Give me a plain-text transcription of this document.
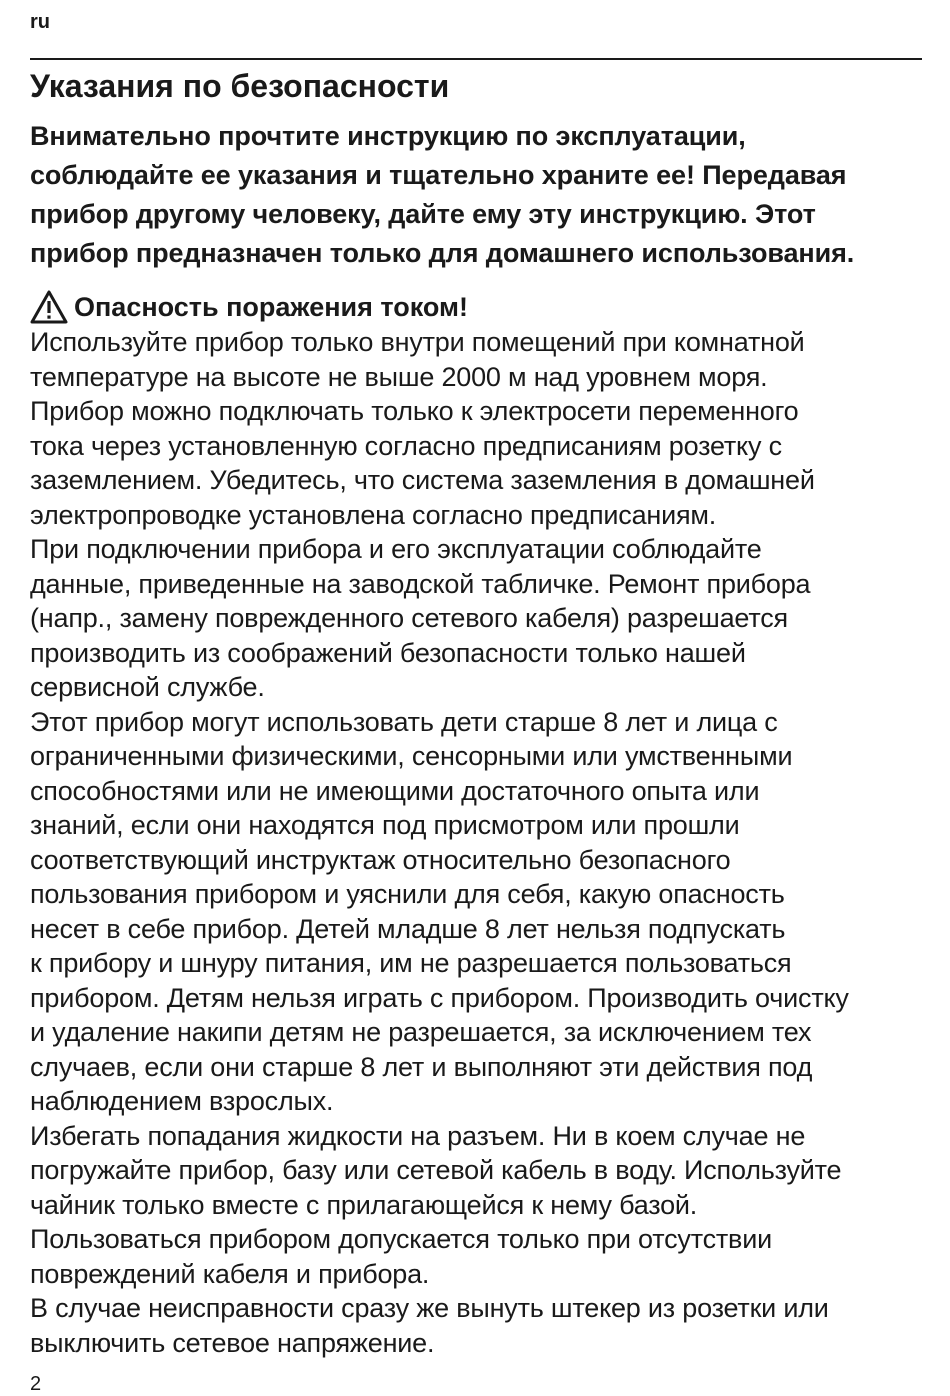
ru
Указания по безопасности

Внимательно прочтите инструкцию по эксплуатации,
соблюдайте ее указания и тщательно храните ее! Передавая
прибор другому человеку, дайте ему эту инструкцию. Этот
прибор предназначен только для домашнего использования.

Опасность поражения током!

Используйте прибор только внутри помещений при комнатной
температуре на высоте не выше 2000 м над уровнем моря.
Прибор можно подключать только к электросети переменного
тока через установленную согласно предписаниям розетку с
заземлением. Убедитесь, что система заземления в домашней
электропроводке установлена согласно предписаниям.
При подключении прибора и его эксплуатации соблюдайте
данные, приведенные на заводской табличке. Ремонт прибора
(напр., замену поврежденного сетевого кабеля) разрешается
производить из соображений безопасности только нашей
сервисной службе.
Этот прибор могут использовать дети старше 8 лет и лица с
ограниченными физическими, сенсорными или умственными
способностями или не имеющими достаточного опыта или
знаний, если они находятся под присмотром или прошли
соответствующий инструктаж относительно безопасного
пользования прибором и уяснили для себя, какую опасность
несет в себе прибор. Детей младше 8 лет нельзя подпускать
к прибору и шнуру питания, им не разрешается пользоваться
прибором. Детям нельзя играть с прибором. Производить очистку
и удаление накипи детям не разрешается, за исключением тех
случаев, если они старше 8 лет и выполняют эти действия под
наблюдением взрослых.
Избегать попадания жидкости на разъем. Ни в коем случае не
погружайте прибор, базу или сетевой кабель в воду. Используйте
чайник только вместе с прилагающейся к нему базой.
Пользоваться прибором допускается только при отсутствии
повреждений кабеля и прибора.
В случае неисправности сразу же вынуть штекер из розетки или
выключить сетевое напряжение.

2
